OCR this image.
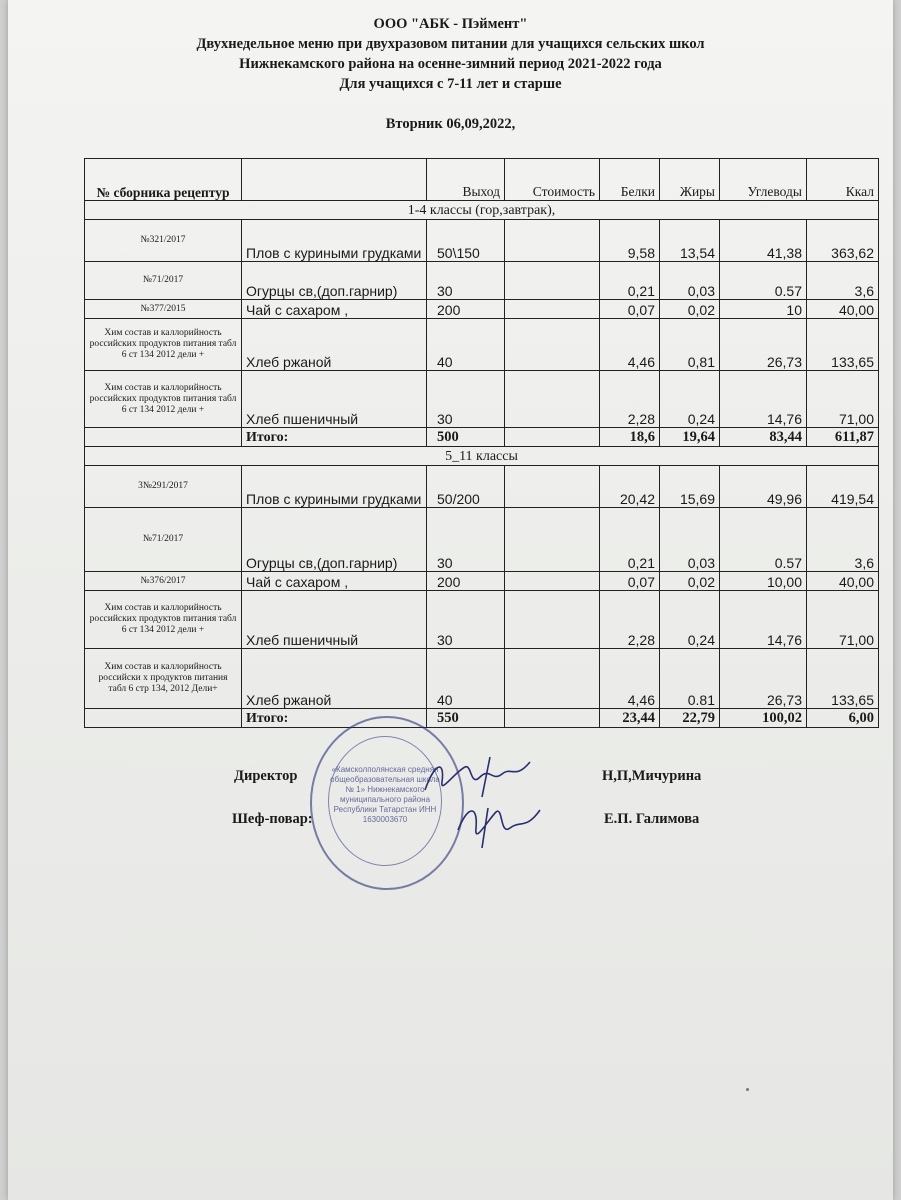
ООО "АБК - Пэймент"
Двухнедельное меню при двухразовом питании для учащихся сельских школ
Нижнекамского района на осенне-зимний период 2021-2022 года
Для учащихся с 7-11 лет и старше
Вторник 06,09,2022,
№ сборника рецептур		Выход	Стоимость	Белки	Жиры	Углеводы	Ккал
1-4 классы (гор,завтрак),							
№321/2017	Плов с куриными грудками	50\150		9,58	13,54	41,38	363,62
№71/2017	Огурцы св,(доп.гарнир)	30		0,21	0,03	0.57	3,6
№377/2015	Чай с сахаром ,	200		0,07	0,02	10	40,00
Хим состав и каллорийность российских продуктов питания табл 6 ст 134 2012 дели +	Хлеб ржаной	40		4,46	0,81	26,73	133,65
Хим состав и каллорийность российских продуктов питания табл 6 ст 134 2012 дели +	Хлеб пшеничный	30		2,28	0,24	14,76	71,00
	Итого:	500		18,6	19,64	83,44	611,87
5_11 классы							
3№291/2017	Плов с куриными грудками	50/200		20,42	15,69	49,96	419,54
№71/2017	Огурцы св,(доп.гарнир)	30		0,21	0,03	0.57	3,6
№376/2017	Чай с сахаром ,	200		0,07	0,02	10,00	40,00
Хим состав и каллорийность российских продуктов питания табл 6 ст 134 2012 дели +	Хлеб пшеничный	30		2,28	0,24	14,76	71,00
Хим состав и каллорийность российски х продуктов питания табл 6 стр 134, 2012 Дели+	Хлеб ржаной	40		4,46	0.81	26,73	133,65
	Итого:	550		23,44	22,79	100,02	6,00
«Камсколполянская средняя общеобразовательная школа № 1» Нижнекамского муниципального района Республики Татарстан ИНН 1630003670
Директор	Н,П,Мичурина
Шеф-повар:	Е.П. Галимова
